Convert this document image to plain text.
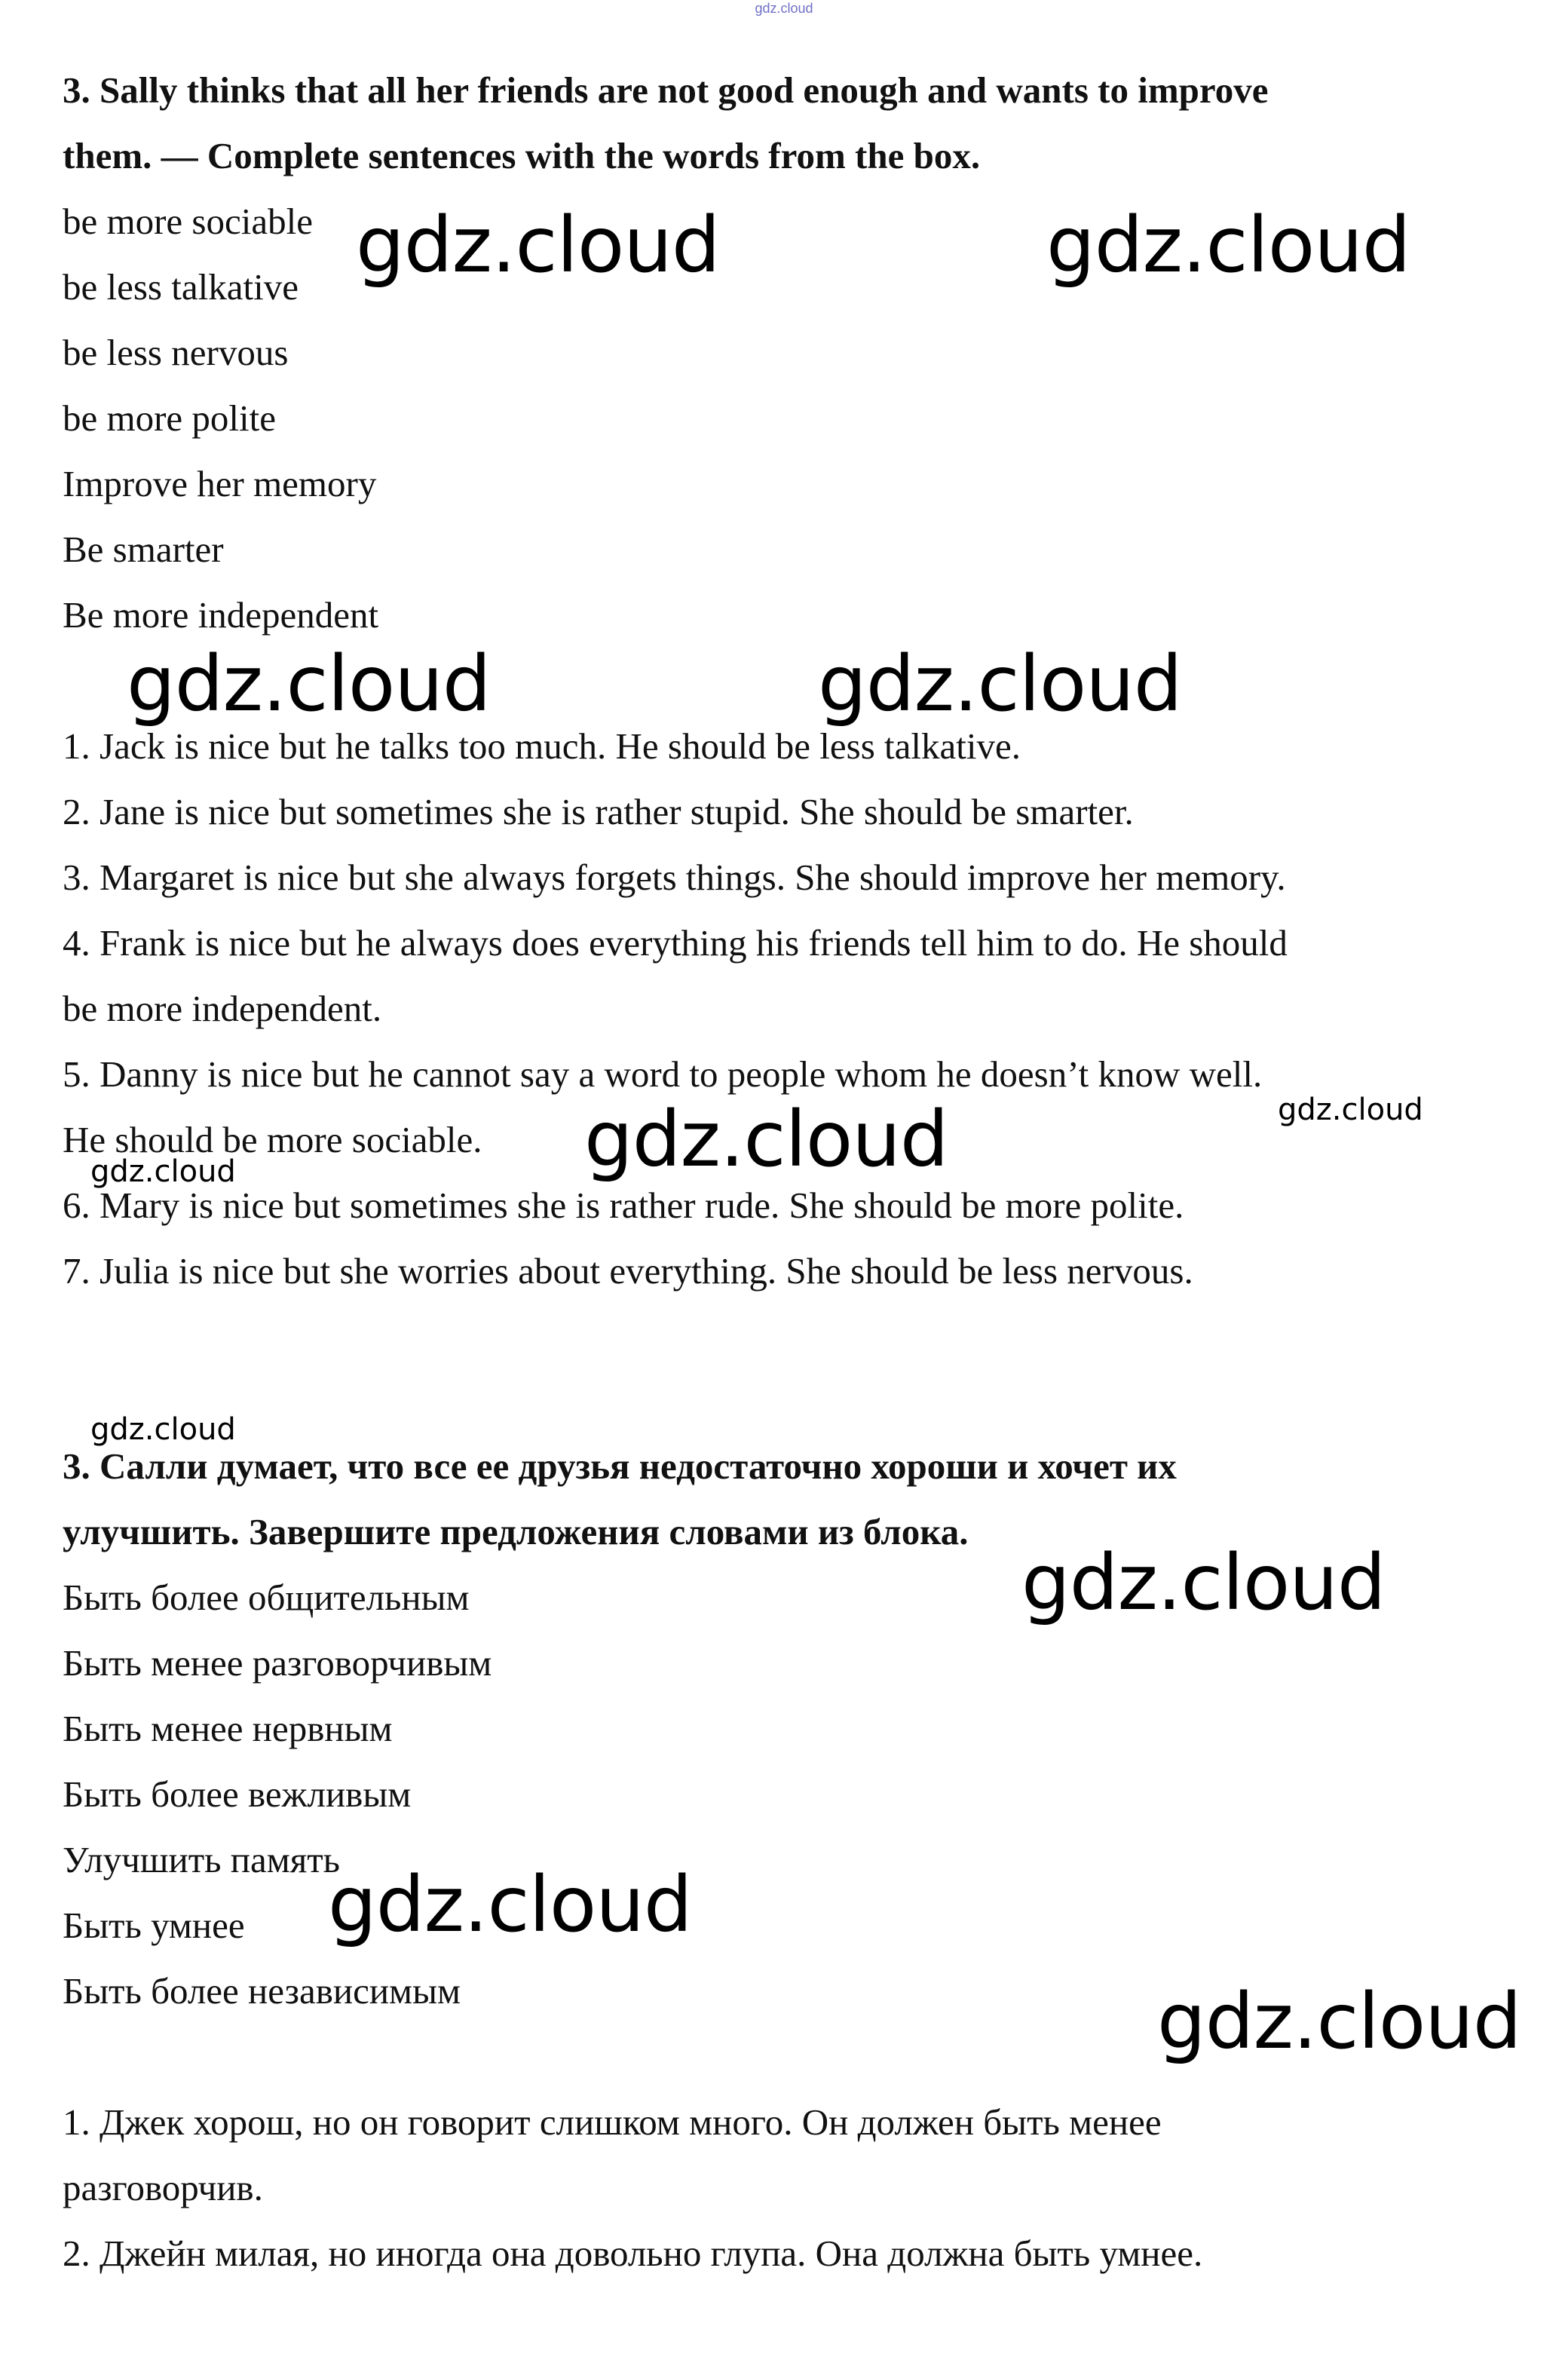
gdz.cloud
3. Sally thinks that all her friends are not good enough and wants to improve
them. — Complete sentences with the words from the box.
be more sociable
be less talkative
be less nervous
be more polite
Improve her memory
Be smarter
Be more independent
1. Jack is nice but he talks too much. He should be less talkative.
2. Jane is nice but sometimes she is rather stupid. She should be smarter.
3. Margaret is nice but she always forgets things. She should improve her memory.
4. Frank is nice but he always does everything his friends tell him to do. He should
be more independent.
5. Danny is nice but he cannot say a word to people whom he doesn’t know well.
He should be more sociable.
6. Mary is nice but sometimes she is rather rude. She should be more polite.
7. Julia is nice but she worries about everything. She should be less nervous.
3. Салли думает, что все ее друзья недостаточно хороши и хочет их
улучшить. Завершите предложения словами из блока.
Быть более общительным
Быть менее разговорчивым
Быть менее нервным
Быть более вежливым
Улучшить память
Быть умнее
Быть более независимым
1. Джек хорош, но он говорит слишком много. Он должен быть менее
разговорчив.
2. Джейн милая, но иногда она довольно глупа. Она должна быть умнее.
gdz.cloud	gdz.cloud
gdz.cloud	gdz.cloud
gdz.cloud	gdz.cloud
gdz.cloud
gdz.cloud
gdz.cloud
gdz.cloud
gdz.cloud
